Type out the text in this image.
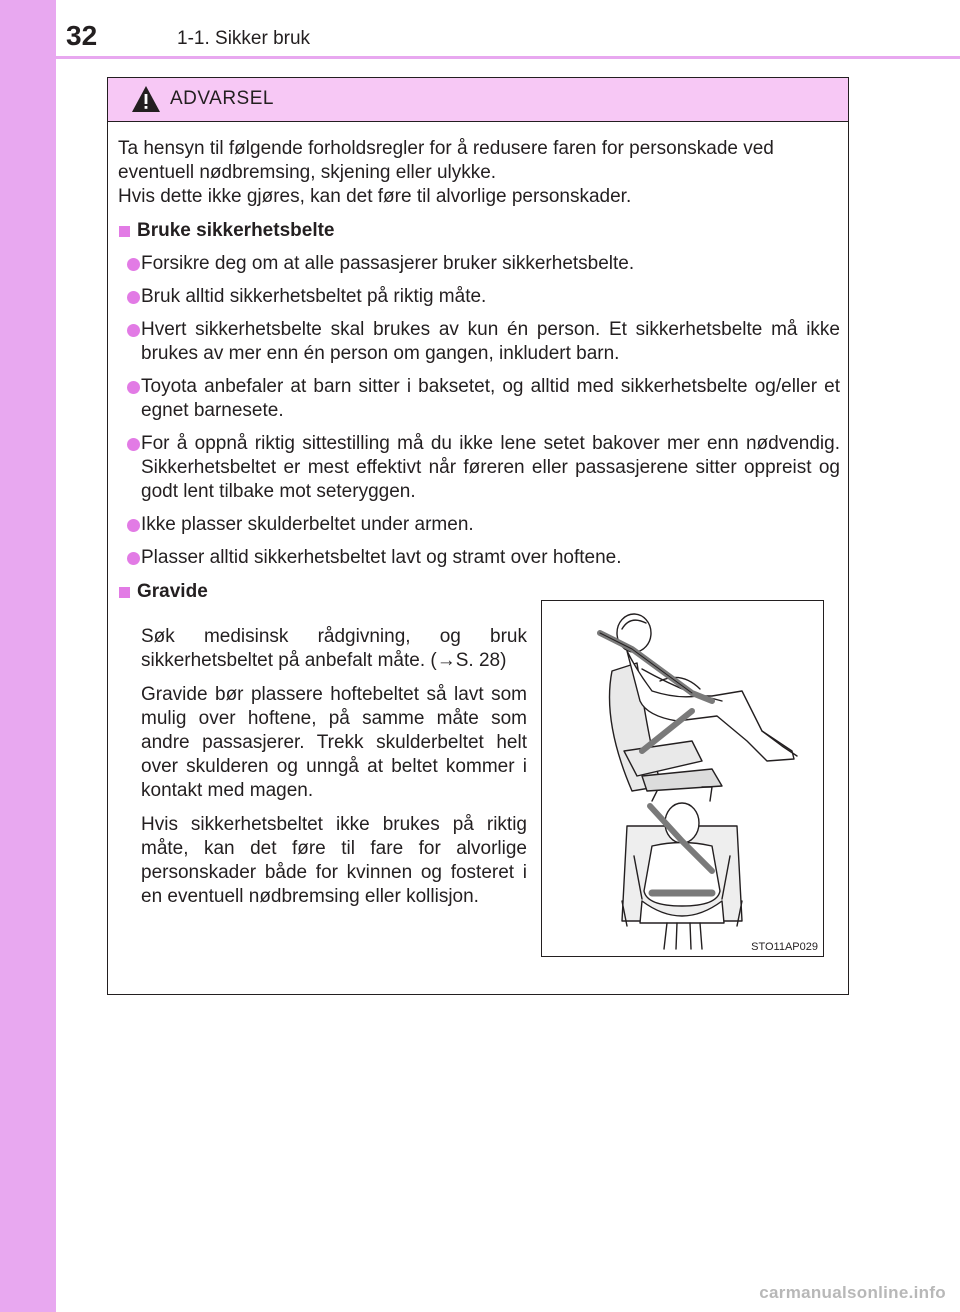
32	1-1. Sikker bruk
ADVARSEL

Ta hensyn til følgende forholdsregler for å redusere faren for personskade ved eventuell nødbremsing, skjening eller ulykke.

Hvis dette ikke gjøres, kan det føre til alvorlige personskader.

Bruke sikkerhetsbelte
Forsikre deg om at alle passasjerer bruker sikkerhetsbelte.
Bruk alltid sikkerhetsbeltet på riktig måte.
Hvert sikkerhetsbelte skal brukes av kun én person. Et sikkerhetsbelte må ikke brukes av mer enn én person om gangen, inkludert barn.
Toyota anbefaler at barn sitter i baksetet, og alltid med sikkerhetsbelte og/eller et egnet barnesete.
For å oppnå riktig sittestilling må du ikke lene setet bakover mer enn nødvendig. Sikkerhetsbeltet er mest effektivt når føreren eller passasjerene sitter oppreist og godt lent tilbake mot seteryggen.
Ikke plasser skulderbeltet under armen.
Plasser alltid sikkerhetsbeltet lavt og stramt over hoftene.
Gravide

Søk medisinsk rådgivning, og bruk sikkerhetsbeltet på anbefalt måte. (→S. 28)

Gravide bør plassere hoftebeltet så lavt som mulig over hoftene, på samme måte som andre passasjerer. Trekk skulderbeltet helt over skulderen og unngå at beltet kommer i kontakt med magen.

Hvis sikkerhetsbeltet ikke brukes på riktig måte, kan det føre til fare for alvorlige personskader både for kvinnen og fosteret i en eventuell nødbremsing eller kollisjon.

STO11AP029
carmanualsonline.info
